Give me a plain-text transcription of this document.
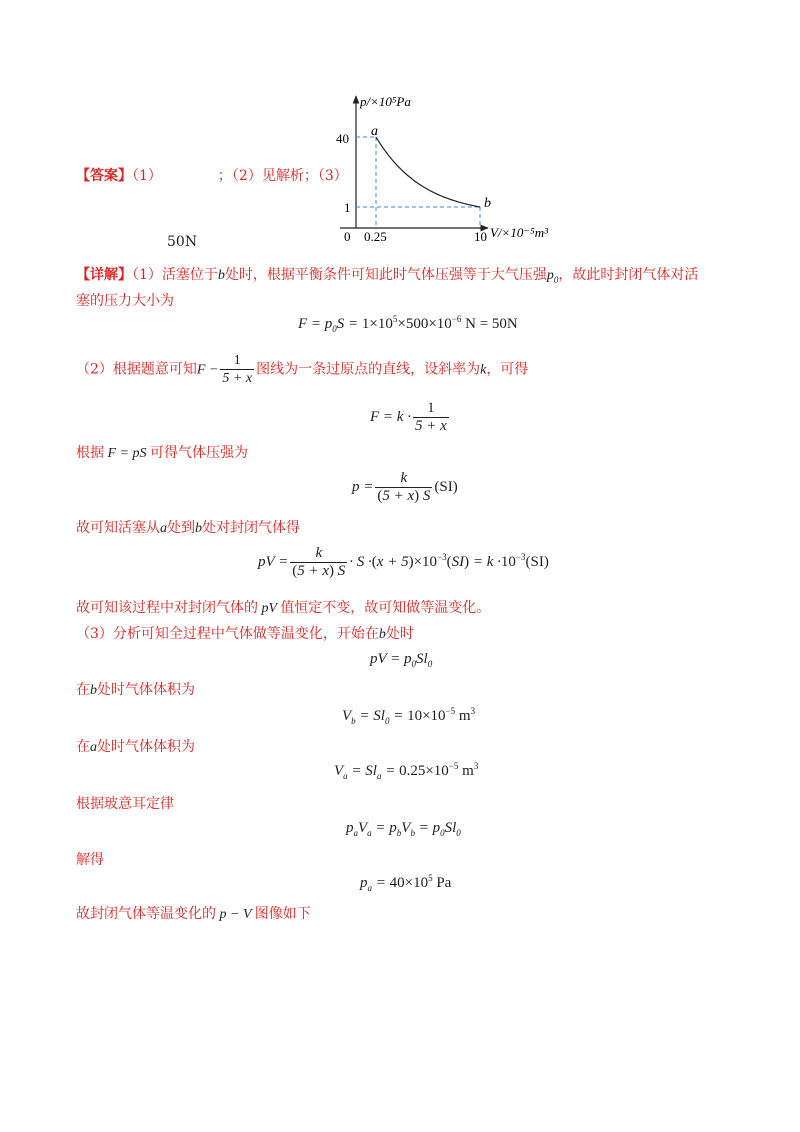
【答案】（1）	；（2）见解析；（3）
50N
p/×10⁵Pa
V/×10⁻⁵m³
0
40
1
0.25	10
a
b
【详解】（1）活塞位于b处时，根据平衡条件可知此时气体压强等于大气压强$p_0$，故此时封闭气体对活
塞的压力大小为
$F = p_0S = 1\times 10^5\times 500\times 10^{-6}$ N = 50N
（2）根据题意可知$F - \frac{1}{5 + x}$ 图线为一条过原点的直线，设斜率为k，可得
$F = k \cdot \frac{1}{5 + x}$
根据 F = pS 可得气体压强为
$p = \frac{k}{(5 + x) S} (SI)$
故可知活塞从a处到b处对封闭气体得
pV = $\frac{k}{(5 + x) S} \cdot S \cdot(x + 5)\times 10^{-3}(SI) = k \cdot 10^{-3}(SI)$
故可知该过程中对封闭气体的 pV 值恒定不变，故可知做等温变化。
（3）分析可知全过程中气体做等温变化，开始在b处时
pV = $p_0Sl_0$
在b处时气体体积为
$V_b = Sl_0 = 10\times 10^{-5}$ $m^3$
在a处时气体体积为
$V_a = Sl_a = 0.25\times 10^{-5}$ $m^3$
根据玻意耳定律
$p_aV_a = p_bV_b = p_0Sl_0$
解得
$p_a = 40\times 10^5$ Pa
故封闭气体等温变化的 p − V 图像如下
